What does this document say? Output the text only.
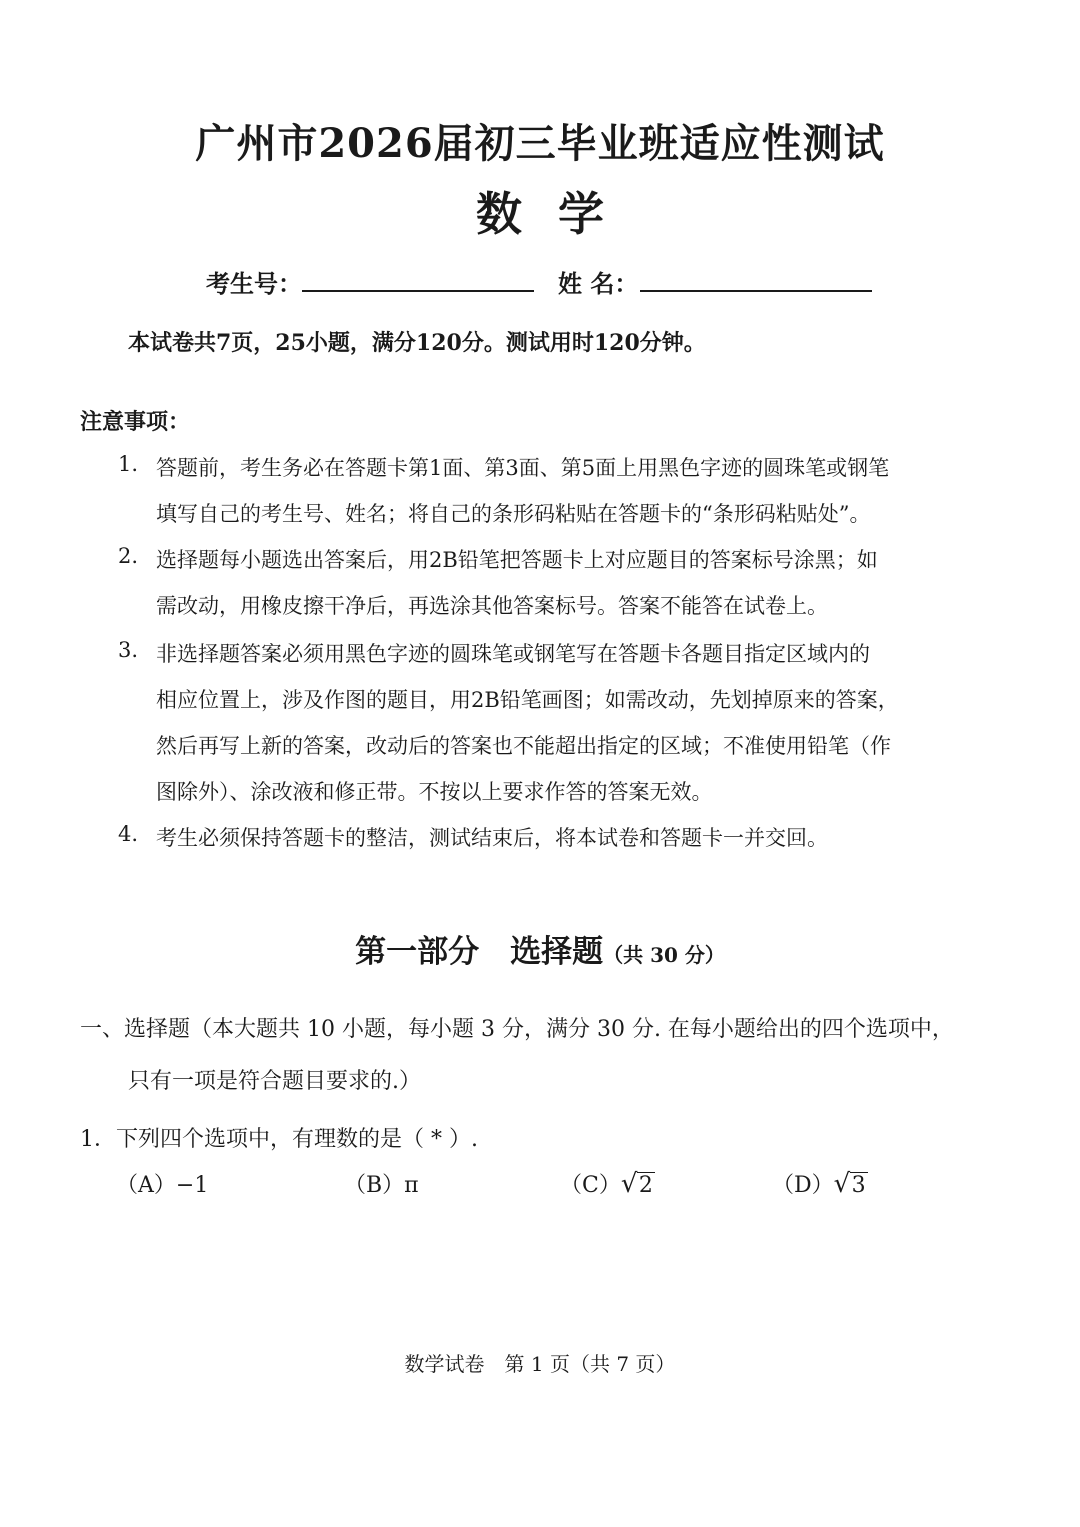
广州市2026届初三毕业班适应性测试
数学
考生号：	姓 名：
本试卷共7页，25小题，满分120分。测试用时120分钟。
注意事项：
1. 答题前，考生务必在答题卡第1面、第3面、第5面上用黑色字迹的圆珠笔或钢笔
填写自己的考生号、姓名；将自己的条形码粘贴在答题卡的“条形码粘贴处”。
2. 选择题每小题选出答案后，用2B铅笔把答题卡上对应题目的答案标号涂黑；如
需改动，用橡皮擦干净后，再选涂其他答案标号。答案不能答在试卷上。
3. 非选择题答案必须用黑色字迹的圆珠笔或钢笔写在答题卡各题目指定区域内的
相应位置上，涉及作图的题目，用2B铅笔画图；如需改动，先划掉原来的答案，
然后再写上新的答案，改动后的答案也不能超出指定的区域；不准使用铅笔（作
图除外）、涂改液和修正带。不按以上要求作答的答案无效。
4. 考生必须保持答题卡的整洁，测试结束后，将本试卷和答题卡一并交回。
第一部分　选择题（共 30 分）
一、选择题（本大题共 10 小题，每小题 3 分，满分 30 分. 在每小题给出的四个选项中，
只有一项是符合题目要求的.）
1．下列四个选项中，有理数的是（ * ）.
（A）−1	（B）π	（C） √ 2	（D） √ 3
数学试卷　第 1 页（共 7 页）
